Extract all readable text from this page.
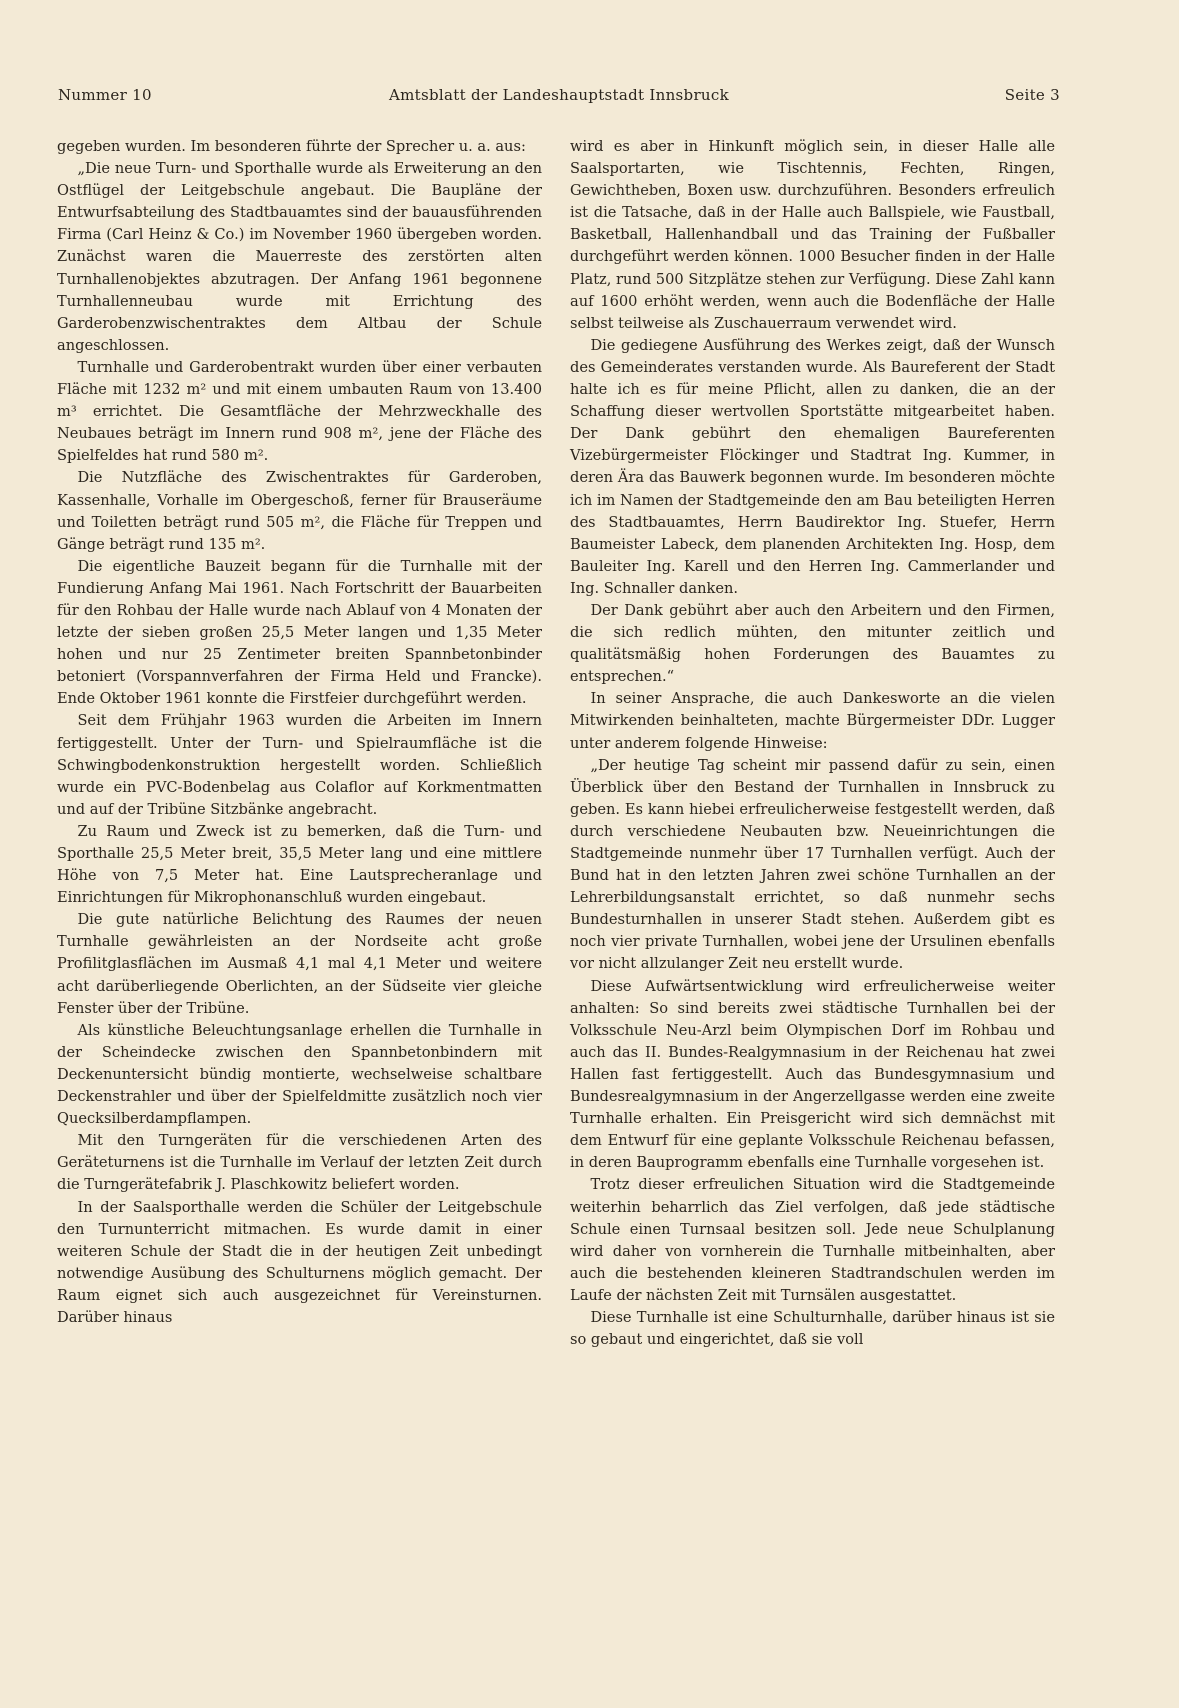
Amtsblatt der Landeshauptstadt Innsbruck
Nummer 10	Seite 3

gegeben wurden. Im besonderen führte der Sprecher u. a. aus:

„Die neue Turn- und Sporthalle wurde als Erweiterung an den Ostflügel der Leitgebschule angebaut. Die Baupläne der Entwurfsabteilung des Stadtbauamtes sind der bauausführenden Firma (Carl Heinz & Co.) im November 1960 übergeben worden. Zunächst waren die Mauerreste des zerstörten alten Turnhallenobjektes abzutragen. Der Anfang 1961 begonnene Turnhallenneubau wurde mit Errichtung des Garderobenzwischentraktes dem Altbau der Schule angeschlossen.

Turnhalle und Garderobentrakt wurden über einer verbauten Fläche mit 1232 m² und mit einem umbauten Raum von 13.400 m³ errichtet. Die Gesamtfläche der Mehrzweckhalle des Neubaues beträgt im Innern rund 908 m², jene der Fläche des Spielfeldes hat rund 580 m².

Die Nutzfläche des Zwischentraktes für Garderoben, Kassenhalle, Vorhalle im Obergeschoß, ferner für Brauseräume und Toiletten beträgt rund 505 m², die Fläche für Treppen und Gänge beträgt rund 135 m².

Die eigentliche Bauzeit begann für die Turnhalle mit der Fundierung Anfang Mai 1961. Nach Fortschritt der Bauarbeiten für den Rohbau der Halle wurde nach Ablauf von 4 Monaten der letzte der sieben großen 25,5 Meter langen und 1,35 Meter hohen und nur 25 Zentimeter breiten Spannbetonbinder betoniert (Vorspannverfahren der Firma Held und Francke). Ende Oktober 1961 konnte die Firstfeier durchgeführt werden.

Seit dem Frühjahr 1963 wurden die Arbeiten im Innern fertiggestellt. Unter der Turn- und Spielraumfläche ist die Schwingbodenkonstruktion hergestellt worden. Schließlich wurde ein PVC-Bodenbelag aus Colaflor auf Korkmentmatten und auf der Tribüne Sitzbänke angebracht.

Zu Raum und Zweck ist zu bemerken, daß die Turn- und Sporthalle 25,5 Meter breit, 35,5 Meter lang und eine mittlere Höhe von 7,5 Meter hat. Eine Lautsprecheranlage und Einrichtungen für Mikrophonanschluß wurden eingebaut.

Die gute natürliche Belichtung des Raumes der neuen Turnhalle gewährleisten an der Nordseite acht große Profilitglasflächen im Ausmaß 4,1 mal 4,1 Meter und weitere acht darüberliegende Oberlichten, an der Südseite vier gleiche Fenster über der Tribüne.

Als künstliche Beleuchtungsanlage erhellen die Turnhalle in der Scheindecke zwischen den Spannbetonbindern mit Deckenuntersicht bündig montierte, wechselweise schaltbare Deckenstrahler und über der Spielfeldmitte zusätzlich noch vier Quecksilberdampflampen.

Mit den Turngeräten für die verschiedenen Arten des Geräteturnens ist die Turnhalle im Verlauf der letzten Zeit durch die Turngerätefabrik J. Plaschkowitz beliefert worden.

In der Saalsporthalle werden die Schüler der Leitgebschule den Turnunterricht mitmachen. Es wurde damit in einer weiteren Schule der Stadt die in der heutigen Zeit unbedingt notwendige Ausübung des Schulturnens möglich gemacht. Der Raum eignet sich auch ausgezeichnet für Vereinsturnen. Darüber hinaus

wird es aber in Hinkunft möglich sein, in dieser Halle alle Saalsportarten, wie Tischtennis, Fechten, Ringen, Gewichtheben, Boxen usw. durchzuführen. Besonders erfreulich ist die Tatsache, daß in der Halle auch Ballspiele, wie Faustball, Basketball, Hallenhandball und das Training der Fußballer durchgeführt werden können. 1000 Besucher finden in der Halle Platz, rund 500 Sitzplätze stehen zur Verfügung. Diese Zahl kann auf 1600 erhöht werden, wenn auch die Bodenfläche der Halle selbst teilweise als Zuschauerraum verwendet wird.

Die gediegene Ausführung des Werkes zeigt, daß der Wunsch des Gemeinderates verstanden wurde. Als Baureferent der Stadt halte ich es für meine Pflicht, allen zu danken, die an der Schaffung dieser wertvollen Sportstätte mitgearbeitet haben. Der Dank gebührt den ehemaligen Baureferenten Vizebürgermeister Flöckinger und Stadtrat Ing. Kummer, in deren Ära das Bauwerk begonnen wurde. Im besonderen möchte ich im Namen der Stadtgemeinde den am Bau beteiligten Herren des Stadtbauamtes, Herrn Baudirektor Ing. Stuefer, Herrn Baumeister Labeck, dem planenden Architekten Ing. Hosp, dem Bauleiter Ing. Karell und den Herren Ing. Cammerlander und Ing. Schnaller danken.

Der Dank gebührt aber auch den Arbeitern und den Firmen, die sich redlich mühten, den mitunter zeitlich und qualitätsmäßig hohen Forderungen des Bauamtes zu entsprechen.“

In seiner Ansprache, die auch Dankesworte an die vielen Mitwirkenden beinhalteten, machte Bürgermeister DDr. Lugger unter anderem folgende Hinweise:

„Der heutige Tag scheint mir passend dafür zu sein, einen Überblick über den Bestand der Turnhallen in Innsbruck zu geben. Es kann hiebei erfreulicherweise festgestellt werden, daß durch verschiedene Neubauten bzw. Neueinrichtungen die Stadtgemeinde nunmehr über 17 Turnhallen verfügt. Auch der Bund hat in den letzten Jahren zwei schöne Turnhallen an der Lehrerbildungsanstalt errichtet, so daß nunmehr sechs Bundesturnhallen in unserer Stadt stehen. Außerdem gibt es noch vier private Turnhallen, wobei jene der Ursulinen ebenfalls vor nicht allzulanger Zeit neu erstellt wurde.

Diese Aufwärtsentwicklung wird erfreulicherweise weiter anhalten: So sind bereits zwei städtische Turnhallen bei der Volksschule Neu-Arzl beim Olympischen Dorf im Rohbau und auch das II. Bundes-Realgymnasium in der Reichenau hat zwei Hallen fast fertiggestellt. Auch das Bundesgymnasium und Bundesrealgymnasium in der Angerzellgasse werden eine zweite Turnhalle erhalten. Ein Preisgericht wird sich demnächst mit dem Entwurf für eine geplante Volksschule Reichenau befassen, in deren Bauprogramm ebenfalls eine Turnhalle vorgesehen ist.

Trotz dieser erfreulichen Situation wird die Stadtgemeinde weiterhin beharrlich das Ziel verfolgen, daß jede städtische Schule einen Turnsaal besitzen soll. Jede neue Schulplanung wird daher von vornherein die Turnhalle mitbeinhalten, aber auch die bestehenden kleineren Stadtrandschulen werden im Laufe der nächsten Zeit mit Turnsälen ausgestattet.

Diese Turnhalle ist eine Schulturnhalle, darüber hinaus ist sie so gebaut und eingerichtet, daß sie voll
